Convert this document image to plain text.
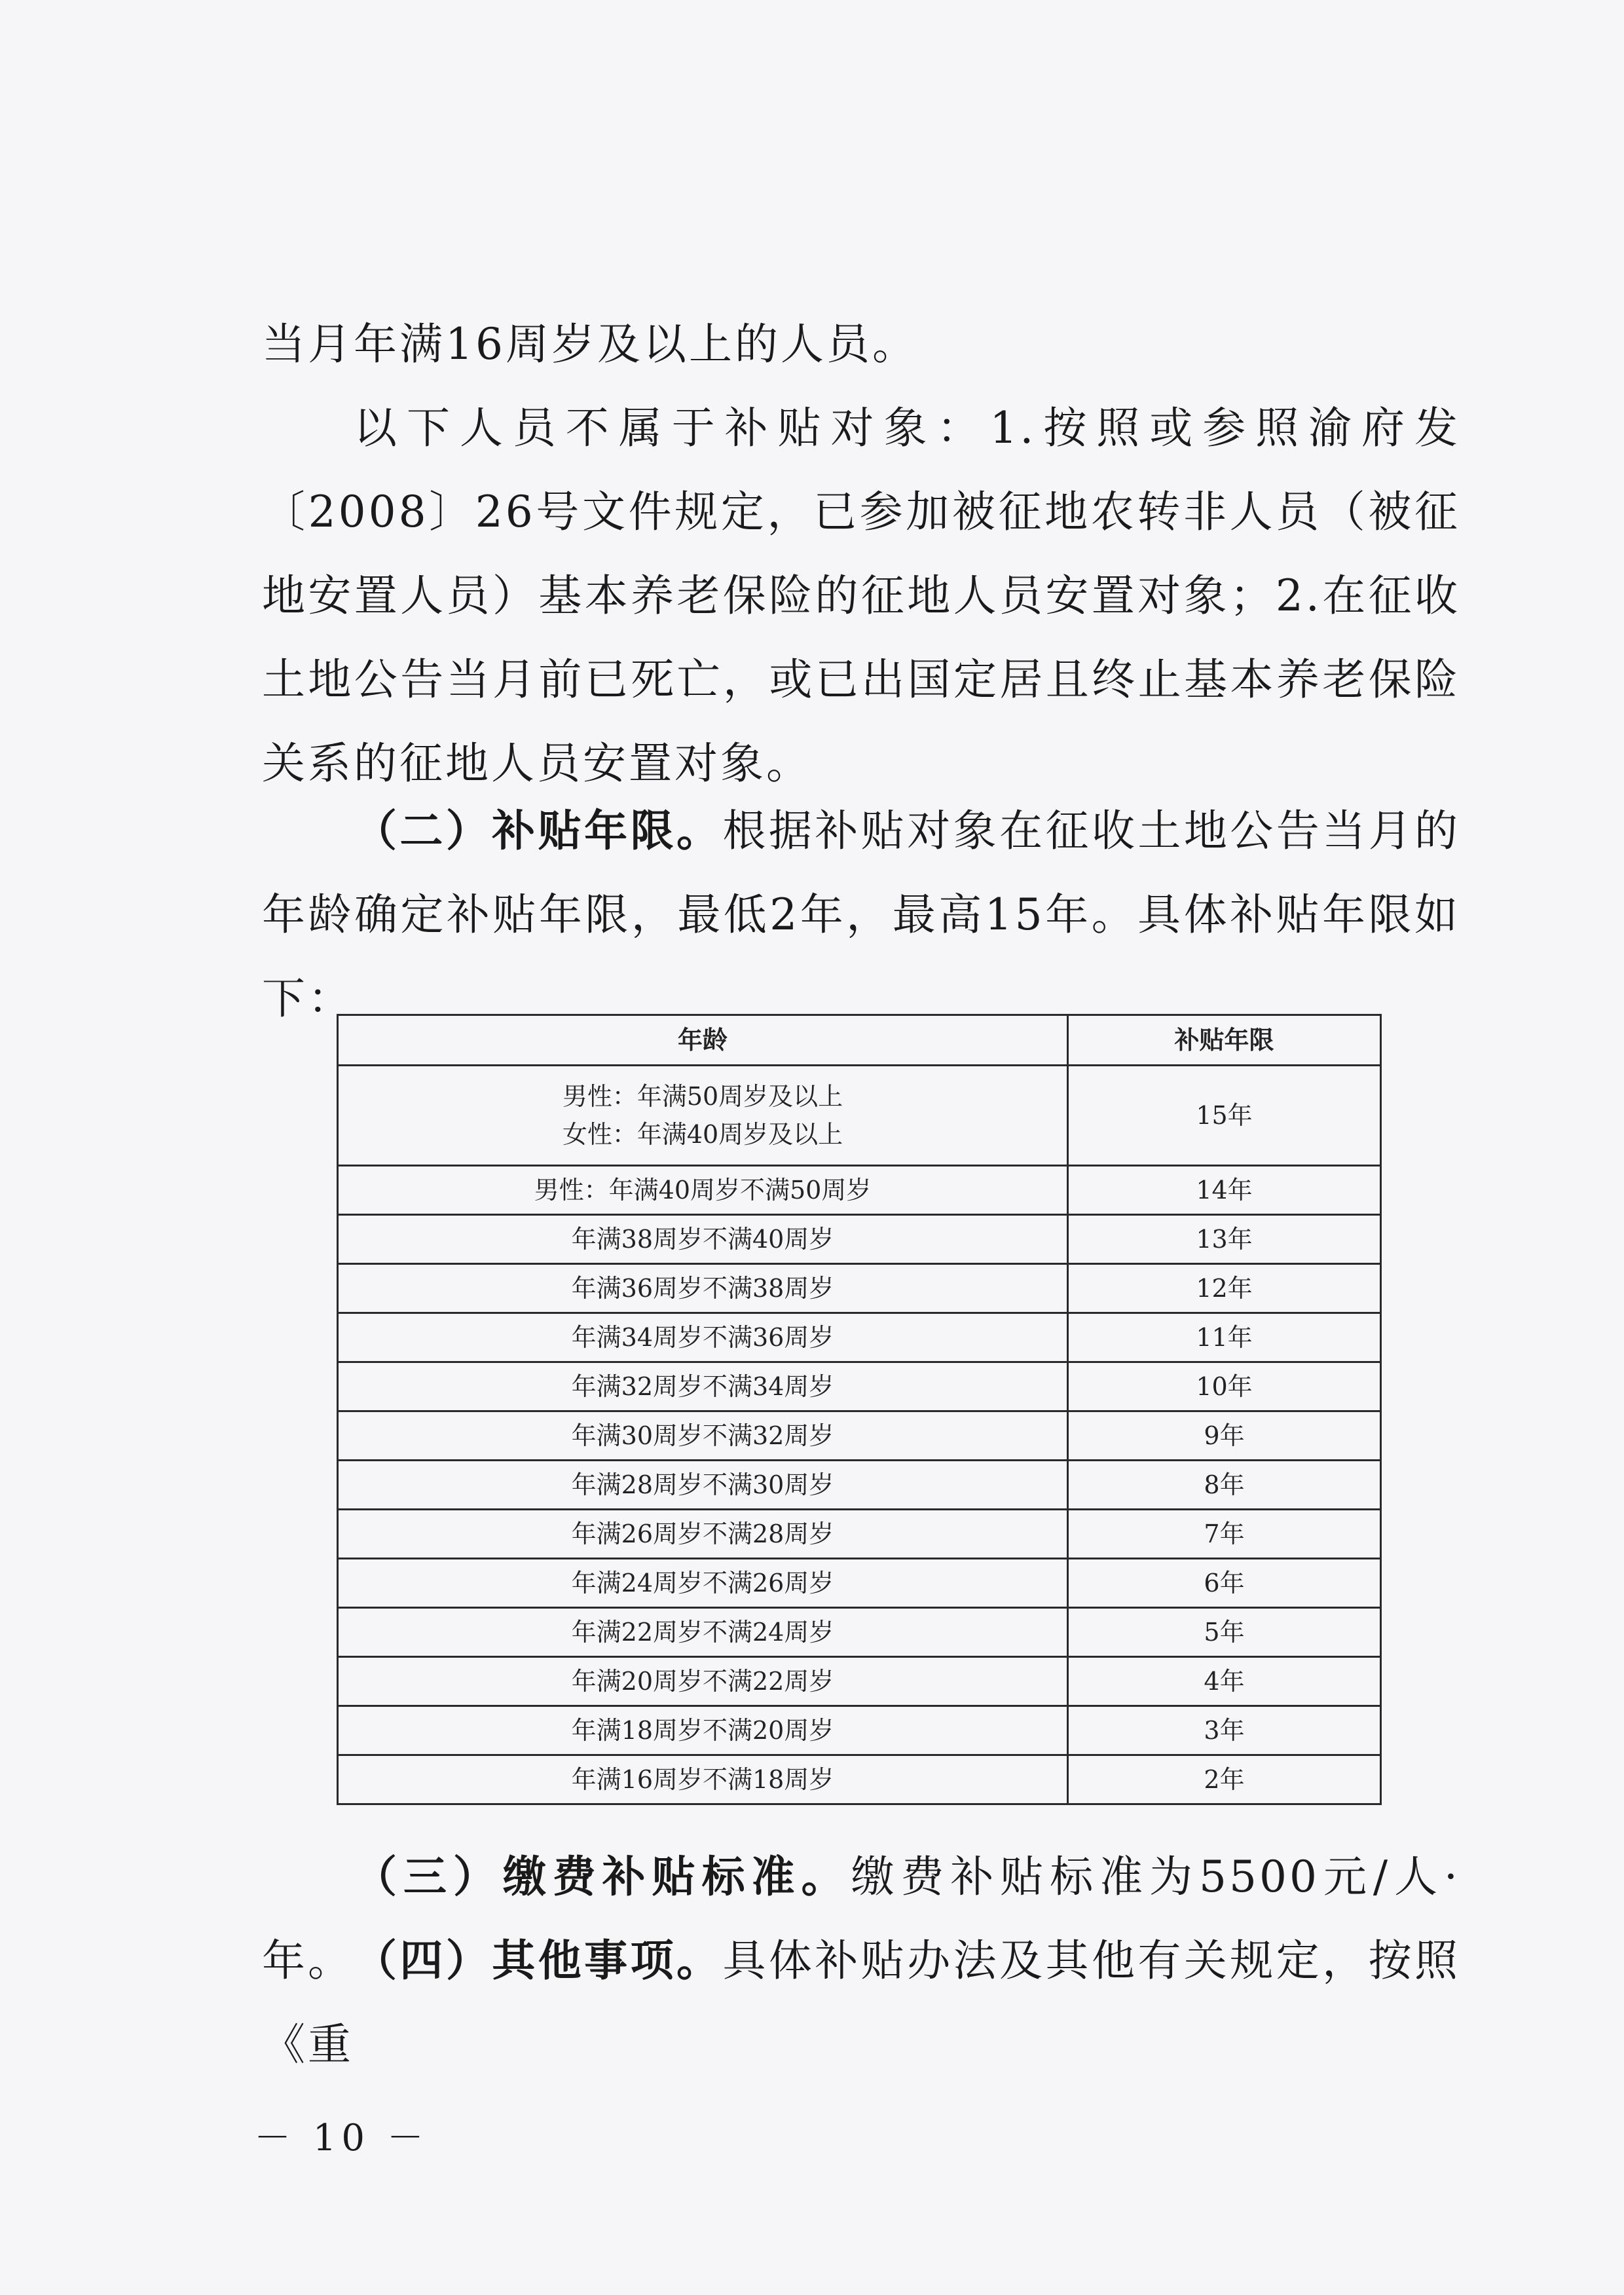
当月年满16周岁及以上的人员。
以下人员不属于补贴对象：1.按照或参照渝府发〔2008〕26号文件规定，已参加被征地农转非人员（被征地安置人员）基本养老保险的征地人员安置对象；2.在征收土地公告当月前已死亡，或已出国定居且终止基本养老保险关系的征地人员安置对象。
（二）补贴年限。根据补贴对象在征收土地公告当月的年龄确定补贴年限，最低2年，最高15年。具体补贴年限如下：
年龄	补贴年限

男性：年满50周岁及以上
女性：年满40周岁及以上	15年
男性：年满40周岁不满50周岁	14年
年满38周岁不满40周岁	13年
年满36周岁不满38周岁	12年
年满34周岁不满36周岁	11年
年满32周岁不满34周岁	10年
年满30周岁不满32周岁	9年
年满28周岁不满30周岁	8年
年满26周岁不满28周岁	7年
年满24周岁不满26周岁	6年
年满22周岁不满24周岁	5年
年满20周岁不满22周岁	4年
年满18周岁不满20周岁	3年
年满16周岁不满18周岁	2年
（三）缴费补贴标准。缴费补贴标准为5500元/人·年。 （四）其他事项。具体补贴办法及其他有关规定，按照《重
－ 10 －
